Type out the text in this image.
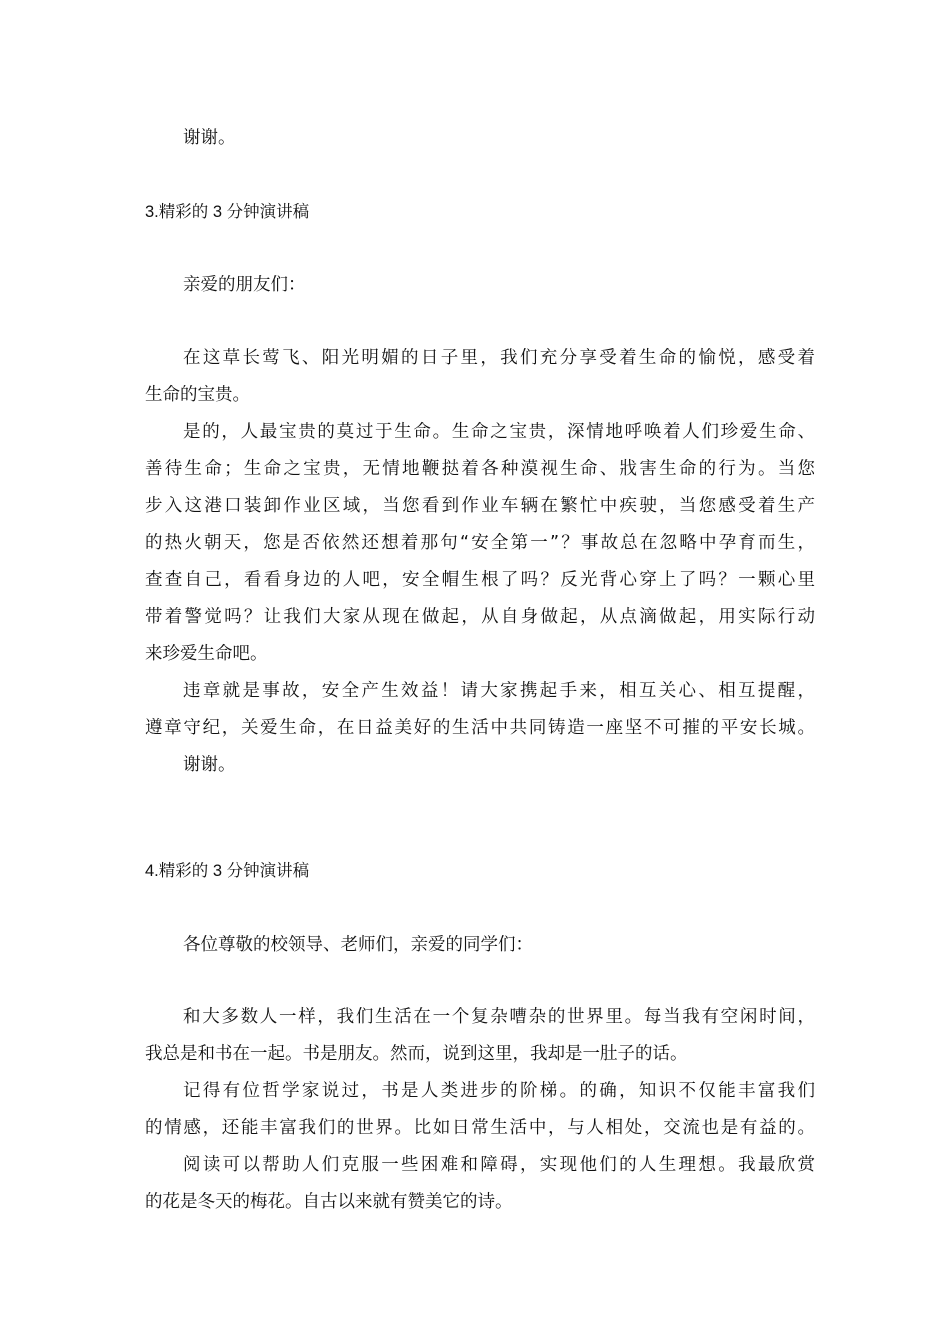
谢谢。
3.精彩的 3 分钟演讲稿
亲爱的朋友们：
在这草长莺飞、阳光明媚的日子里，我们充分享受着生命的愉悦，感受着
生命的宝贵。
是的，人最宝贵的莫过于生命。生命之宝贵，深情地呼唤着人们珍爱生命、
善待生命；生命之宝贵，无情地鞭挞着各种漠视生命、戕害生命的行为。当您
步入这港口装卸作业区域，当您看到作业车辆在繁忙中疾驶，当您感受着生产
的热火朝天，您是否依然还想着那句“安全第一”？事故总在忽略中孕育而生，
查查自己，看看身边的人吧，安全帽生根了吗？反光背心穿上了吗？一颗心里
带着警觉吗？让我们大家从现在做起，从自身做起，从点滴做起，用实际行动
来珍爱生命吧。
违章就是事故，安全产生效益！请大家携起手来，相互关心、相互提醒，
遵章守纪，关爱生命，在日益美好的生活中共同铸造一座坚不可摧的平安长城。
谢谢。
4.精彩的 3 分钟演讲稿
各位尊敬的校领导、老师们，亲爱的同学们：
和大多数人一样，我们生活在一个复杂嘈杂的世界里。每当我有空闲时间，
我总是和书在一起。书是朋友。然而，说到这里，我却是一肚子的话。
记得有位哲学家说过，书是人类进步的阶梯。的确，知识不仅能丰富我们
的情感，还能丰富我们的世界。比如日常生活中，与人相处，交流也是有益的。
阅读可以帮助人们克服一些困难和障碍，实现他们的人生理想。我最欣赏
的花是冬天的梅花。自古以来就有赞美它的诗。
